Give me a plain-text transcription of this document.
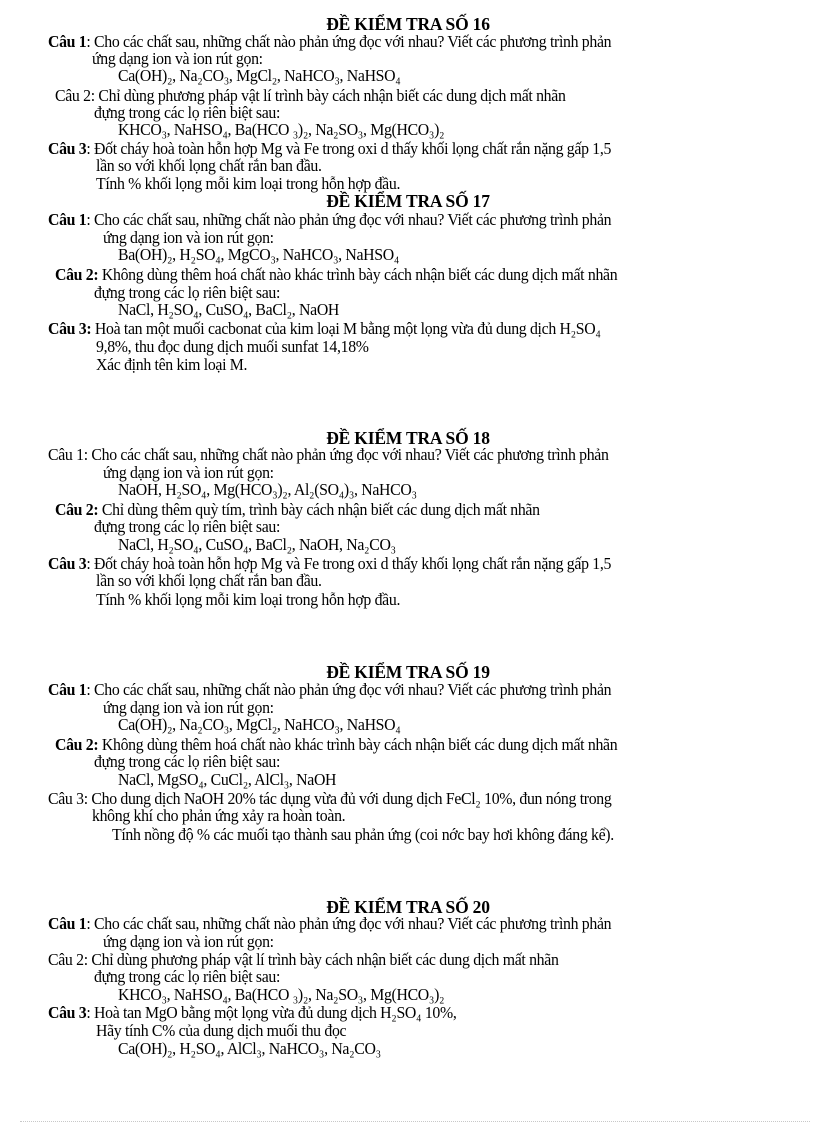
ĐỀ KIỂM TRA SỐ 16
Câu 1: Cho các chất sau, những chất nào phản ứng đọc với nhau? Viết các phương trình phản
ứng dạng ion và ion rút gọn:
Ca(OH)₂, Na₂CO₃, MgCl₂, NaHCO₃, NaHSO₄
Câu 2: Chỉ dùng phương pháp vật lí trình bày cách nhận biết các dung dịch mất nhãn
đựng trong các lọ riên biệt sau:
KHCO₃, NaHSO₄, Ba(HCO ₃)₂, Na₂SO₃, Mg(HCO₃)₂
Câu 3: Đốt cháy hoà toàn hỗn hợp Mg và Fe trong oxi d thấy khối lọng chất rắn nặng gấp 1,5
lần so với khối lọng chất rắn ban đầu.
Tính % khối lọng mỗi kim loại trong hỗn hợp đầu.
ĐỀ KIỂM TRA SỐ 17
Câu 1: Cho các chất sau, những chất nào phản ứng đọc với nhau? Viết các phương trình phản
ứng dạng ion và ion rút gọn:
Ba(OH)₂, H₂SO₄, MgCO₃, NaHCO₃, NaHSO₄
Câu 2: Không dùng thêm hoá chất nào khác trình bày cách nhận biết các dung dịch mất nhãn
đựng trong các lọ riên biệt sau:
NaCl, H₂SO₄, CuSO₄, BaCl₂, NaOH
Câu 3: Hoà tan một muối cacbonat của kim loại M bằng một lọng vừa đủ dung dịch H₂SO₄
9,8%, thu đọc dung dịch muối sunfat 14,18%
Xác định tên kim loại M.
ĐỀ KIỂM TRA SỐ 18
Câu 1: Cho các chất sau, những chất nào phản ứng đọc với nhau? Viết các phương trình phản
ứng dạng ion và ion rút gọn:
NaOH, H₂SO₄, Mg(HCO₃)₂, Al₂(SO₄)₃, NaHCO₃
Câu 2: Chỉ dùng thêm quỳ tím, trình bày cách nhận biết các dung dịch mất nhãn
đựng trong các lọ riên biệt sau:
NaCl, H₂SO₄, CuSO₄, BaCl₂, NaOH, Na₂CO₃
Câu 3: Đốt cháy hoà toàn hỗn hợp Mg và Fe trong oxi d thấy khối lọng chất rắn nặng gấp 1,5
lần so với khối lọng chất rắn ban đầu.
Tính % khối lọng mỗi kim loại trong hỗn hợp đầu.
ĐỀ KIỂM TRA SỐ 19
Câu 1: Cho các chất sau, những chất nào phản ứng đọc với nhau? Viết các phương trình phản
ứng dạng ion và ion rút gọn:
Ca(OH)₂, Na₂CO₃, MgCl₂, NaHCO₃, NaHSO₄
Câu 2: Không dùng thêm hoá chất nào khác trình bày cách nhận biết các dung dịch mất nhãn
đựng trong các lọ riên biệt sau:
NaCl, MgSO₄, CuCl₂, AlCl₃, NaOH
Câu 3: Cho dung dịch NaOH 20% tác dụng vừa đủ với dung dịch FeCl₂ 10%, đun nóng trong
không khí cho phản ứng xảy ra hoàn toàn.
Tính nồng độ % các muối tạo thành sau phản ứng (coi nớc bay hơi không đáng kể).
ĐỀ KIỂM TRA SỐ 20
Câu 1: Cho các chất sau, những chất nào phản ứng đọc với nhau? Viết các phương trình phản
ứng dạng ion và ion rút gọn:
Câu 2: Chỉ dùng phương pháp vật lí trình bày cách nhận biết các dung dịch mất nhãn
đựng trong các lọ riên biệt sau:
KHCO₃, NaHSO₄, Ba(HCO ₃)₂, Na₂SO₃, Mg(HCO₃)₂
Câu 3: Hoà tan MgO bằng một lọng vừa đủ dung dịch H₂SO₄ 10%,
Hãy tính C% của dung dịch muối thu đọc
Ca(OH)₂, H₂SO₄, AlCl₃, NaHCO₃, Na₂CO₃
